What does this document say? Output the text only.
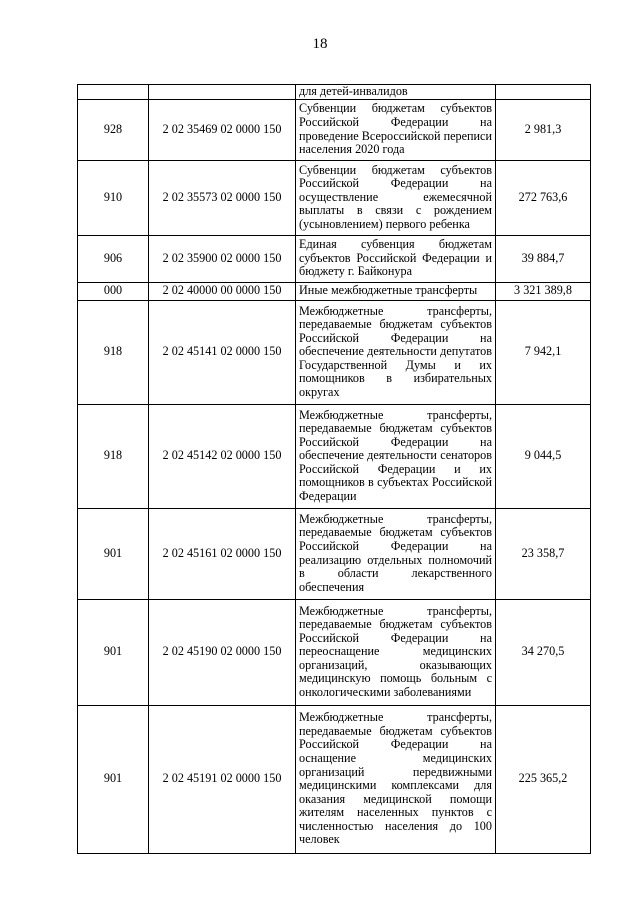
18
		для детей-инвалидов	
928	2 02 35469 02 0000 150	Субвенции бюджетам субъектов Российской Федерации на проведение Всероссийской переписи населения 2020 года	2 981,3
910	2 02 35573 02 0000 150	Субвенции бюджетам субъектов Российской Федерации на осуществление ежемесячной выплаты в связи с рождением (усыновлением) первого ребенка	272 763,6
906	2 02 35900 02 0000 150	Единая субвенция бюджетам субъектов Российской Федерации и бюджету г. Байконура	39 884,7
000	2 02 40000 00 0000 150	Иные межбюджетные трансферты	3 321 389,8
918	2 02 45141 02 0000 150	Межбюджетные трансферты, передаваемые бюджетам субъектов Российской Федерации на обеспечение деятельности депутатов Государственной Думы и их помощников в избирательных округах	7 942,1
918	2 02 45142 02 0000 150	Межбюджетные трансферты, передаваемые бюджетам субъектов Российской Федерации на обеспечение деятельности сенаторов Российской Федерации и их помощников в субъектах Российской Федерации	9 044,5
901	2 02 45161 02 0000 150	Межбюджетные трансферты, передаваемые бюджетам субъектов Российской Федерации на реализацию отдельных полномочий в области лекарственного обеспечения	23 358,7
901	2 02 45190 02 0000 150	Межбюджетные трансферты, передаваемые бюджетам субъектов Российской Федерации на переоснащение медицинских организаций, оказывающих медицинскую помощь больным с онкологическими заболеваниями	34 270,5
901	2 02 45191 02 0000 150	Межбюджетные трансферты, передаваемые бюджетам субъектов Российской Федерации на оснащение медицинских организаций передвижными медицинскими комплексами для оказания медицинской помощи жителям населенных пунктов с численностью населения до 100 человек	225 365,2
